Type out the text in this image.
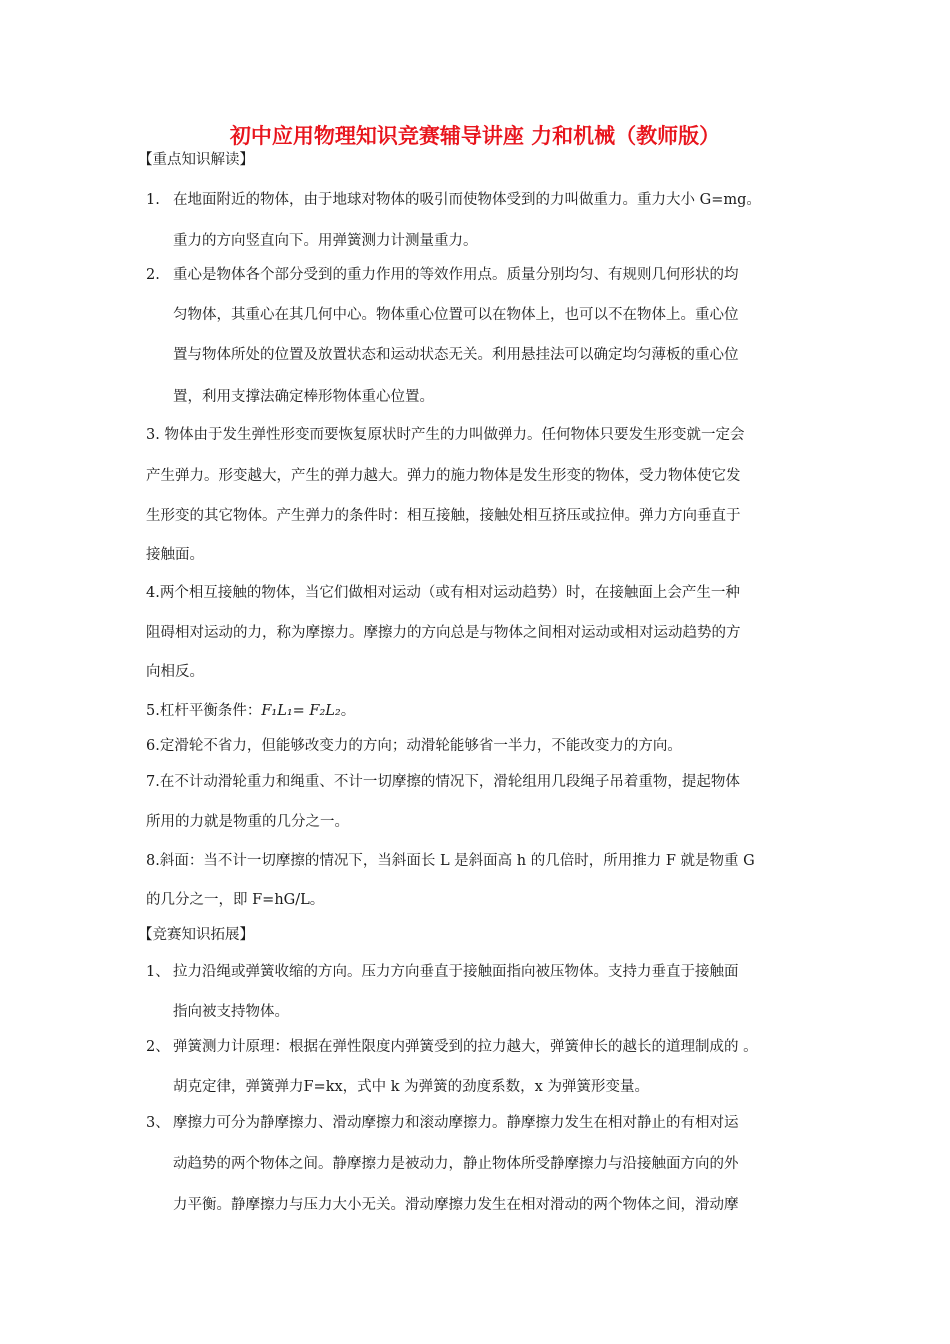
初中应用物理知识竞赛辅导讲座 力和机械（教师版）
【重点知识解读】
1. 在地面附近的物体，由于地球对物体的吸引而使物体受到的力叫做重力。重力大小 G=mg。
重力的方向竖直向下。用弹簧测力计测量重力。
2. 重心是物体各个部分受到的重力作用的等效作用点。质量分别均匀、有规则几何形状的均
匀物体，其重心在其几何中心。物体重心位置可以在物体上，也可以不在物体上。重心位
置与物体所处的位置及放置状态和运动状态无关。利用悬挂法可以确定均匀薄板的重心位
置，利用支撑法确定棒形物体重心位置。
3. 物体由于发生弹性形变而要恢复原状时产生的力叫做弹力。任何物体只要发生形变就一定会
产生弹力。形变越大，产生的弹力越大。弹力的施力物体是发生形变的物体，受力物体使它发
生形变的其它物体。产生弹力的条件时：相互接触，接触处相互挤压或拉伸。弹力方向垂直于
接触面。
4.两个相互接触的物体，当它们做相对运动（或有相对运动趋势）时，在接触面上会产生一种
阻碍相对运动的力，称为摩擦力。摩擦力的方向总是与物体之间相对运动或相对运动趋势的方
向相反。
5.杠杆平衡条件：F₁L₁= F₂L₂。
6.定滑轮不省力，但能够改变力的方向；动滑轮能够省一半力，不能改变力的方向。
7.在不计动滑轮重力和绳重、不计一切摩擦的情况下，滑轮组用几段绳子吊着重物，提起物体
所用的力就是物重的几分之一。
8.斜面：当不计一切摩擦的情况下，当斜面长 L 是斜面高 h 的几倍时，所用推力 F 就是物重 G
的几分之一，即 F=hG/L。
【竞赛知识拓展】
1、 拉力沿绳或弹簧收缩的方向。压力方向垂直于接触面指向被压物体。支持力垂直于接触面
指向被支持物体。
2、 弹簧测力计原理：根据在弹性限度内弹簧受到的拉力越大，弹簧伸长的越长的道理制成的 。
胡克定律，弹簧弹力F=kx，式中 k 为弹簧的劲度系数，x 为弹簧形变量。
3、 摩擦力可分为静摩擦力、滑动摩擦力和滚动摩擦力。静摩擦力发生在相对静止的有相对运
动趋势的两个物体之间。静摩擦力是被动力，静止物体所受静摩擦力与沿接触面方向的外
力平衡。静摩擦力与压力大小无关。滑动摩擦力发生在相对滑动的两个物体之间，滑动摩
